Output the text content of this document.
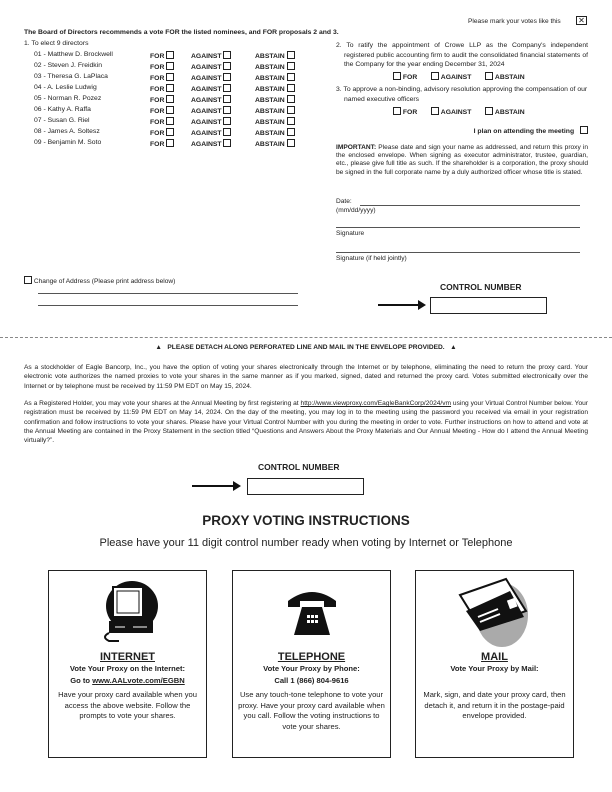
Please mark your votes like this ✕
The Board of Directors recommends a vote FOR the listed nominees, and FOR proposals 2 and 3.
1. To elect 9 directors
01 - Matthew D. Brockwell	FOR	AGAINST	ABSTAIN
02 - Steven J. Freidkin	FOR	AGAINST	ABSTAIN
03 - Theresa G. LaPlaca	FOR	AGAINST	ABSTAIN
04 - A. Leslie Ludwig	FOR	AGAINST	ABSTAIN
05 - Norman R. Pozez	FOR	AGAINST	ABSTAIN
06 - Kathy A. Raffa	FOR	AGAINST	ABSTAIN
07 - Susan G. Riel	FOR	AGAINST	ABSTAIN
08 - James A. Soltesz	FOR	AGAINST	ABSTAIN
09 - Benjamin M. Soto	FOR	AGAINST	ABSTAIN
2. To ratify the appointment of Crowe LLP as the Company's independent registered public accounting firm to audit the consolidated financial statements of the Company for the year ending December 31, 2024
FOR	AGAINST	ABSTAIN
3. To approve a non-binding, advisory resolution approving the compensation of our named executive officers
FOR	AGAINST	ABSTAIN
I plan on attending the meeting
IMPORTANT: Please date and sign your name as addressed, and return this proxy in the enclosed envelope. When signing as executor administrator, trustee, guardian, etc., please give full title as such. If the shareholder is a corporation, the proxy should be signed in the full corporate name by a duly authorized officer whose title is stated.
Date:
(mm/dd/yyyy)
Signature
Signature (if held jointly)
Change of Address (Please print address below)
CONTROL NUMBER
▲ PLEASE DETACH ALONG PERFORATED LINE AND MAIL IN THE ENVELOPE PROVIDED. ▲
As a stockholder of Eagle Bancorp, Inc., you have the option of voting your shares electronically through the Internet or by telephone, eliminating the need to return the proxy card. Your electronic vote authorizes the named proxies to vote your shares in the same manner as if you marked, signed, dated and returned the proxy card. Votes submitted electronically over the Internet or by telephone must be received by 11:59 PM EDT on May 15, 2024.
As a Registered Holder, you may vote your shares at the Annual Meeting by first registering at http://www.viewproxy.com/EagleBankCorp/2024/vm using your Virtual Control Number below. Your registration must be received by 11:59 PM EDT on May 14, 2024. On the day of the meeting, you may log in to the meeting using the password you received via email in your registration confirmation and follow instructions to vote your shares. Please have your Virtual Control Number with you during the meeting in order to vote. Further instructions on how to attend and vote at the Annual Meeting are contained in the Proxy Statement in the section titled “Questions and Answers About the Proxy Materials and Our Annual Meeting - How do I attend the Annual Meeting virtually?”.
CONTROL NUMBER
PROXY VOTING INSTRUCTIONS
Please have your 11 digit control number ready when voting by Internet or Telephone
INTERNET
Vote Your Proxy on the Internet:
Go to www.AALvote.com/EGBN
Have your proxy card available when you access the above website. Follow the prompts to vote your shares.
TELEPHONE
Vote Your Proxy by Phone:
Call 1 (866) 804-9616
Use any touch-tone telephone to vote your proxy. Have your proxy card available when you call. Follow the voting instructions to vote your shares.
MAIL
Vote Your Proxy by Mail:
Mark, sign, and date your proxy card, then detach it, and return it in the postage-paid envelope provided.
